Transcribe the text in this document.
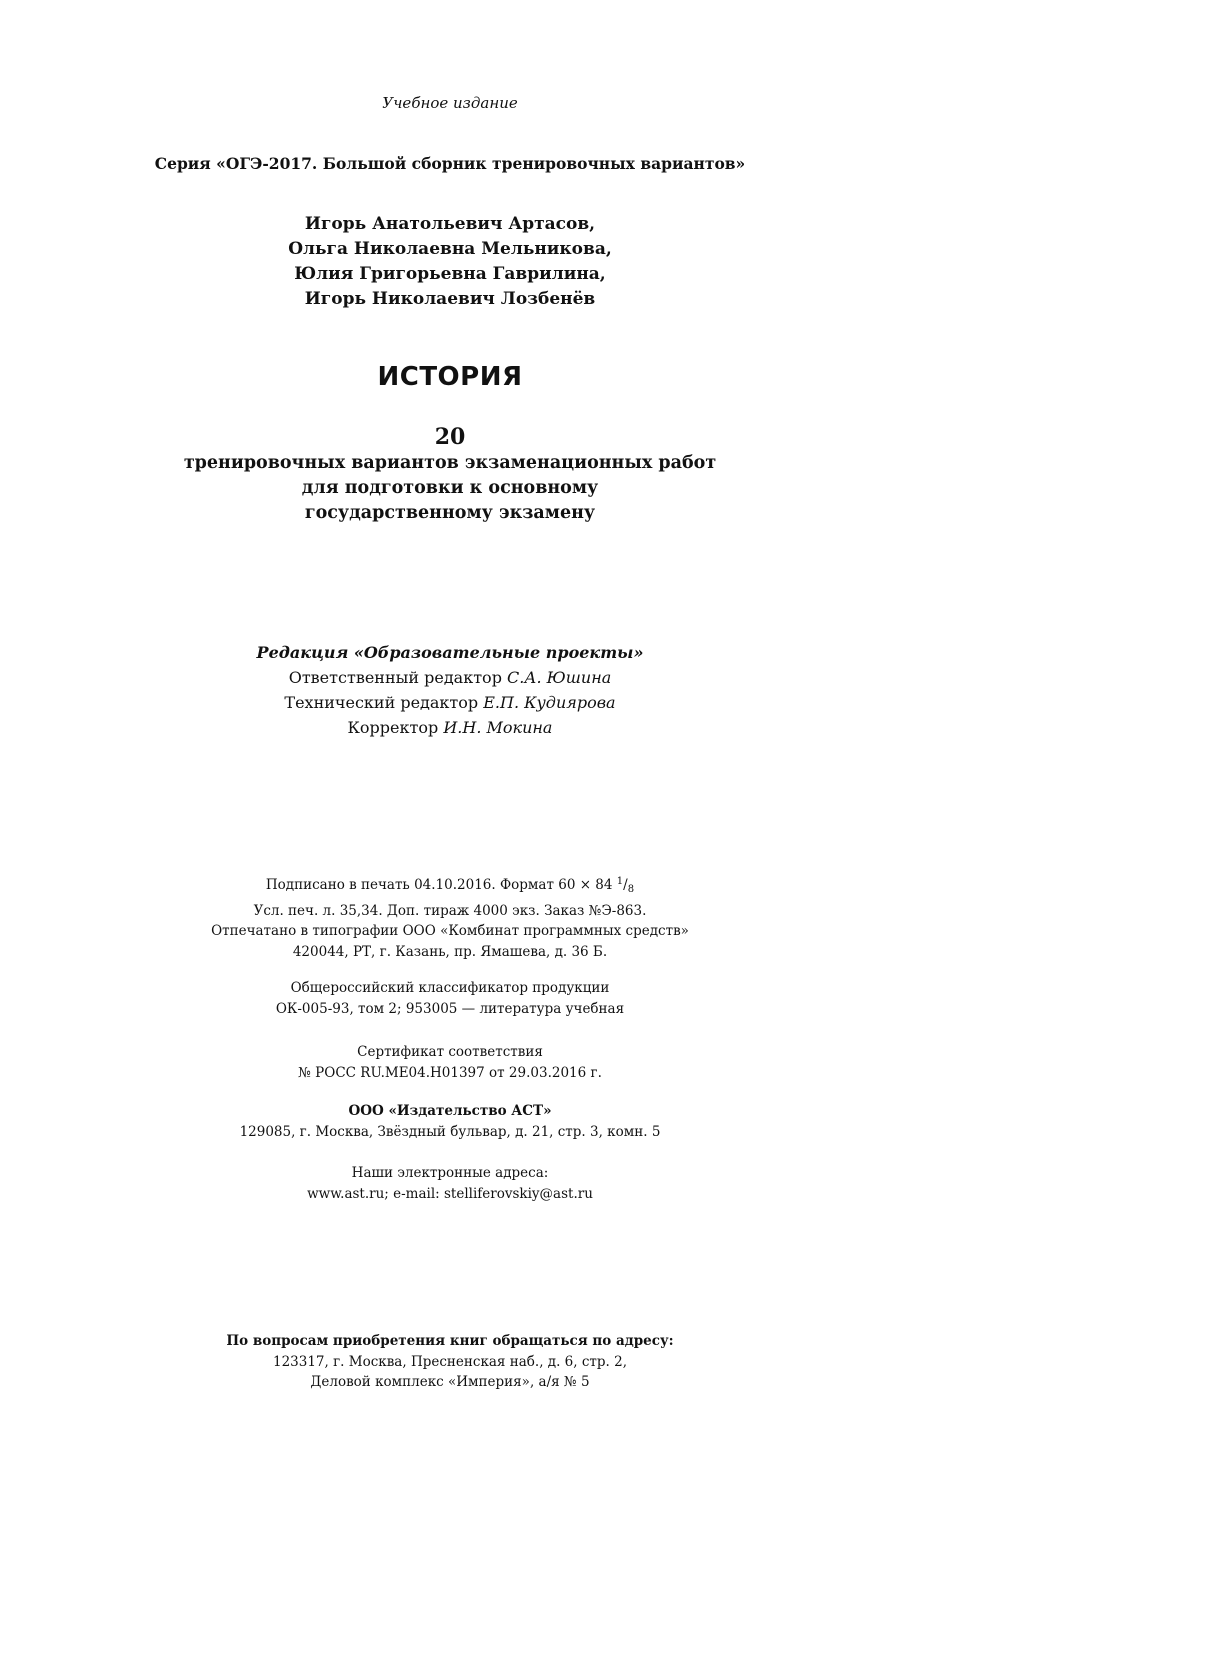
Учебное издание
Серия «ОГЭ-2017. Большой сборник тренировочных вариантов»
Игорь Анатольевич Артасов,
Ольга Николаевна Мельникова,
Юлия Григорьевна Гаврилина,
Игорь Николаевич Лозбенёв
ИСТОРИЯ
20
тренировочных вариантов экзаменационных работ
для подготовки к основному
государственному экзамену
Редакция «Образовательные проекты»
Ответственный редактор С.А. Юшина
Технический редактор Е.П. Кудиярова
Корректор И.Н. Мокина
Подписано в печать 04.10.2016. Формат 60 × 84 $^1/_8$
Усл. печ. л. 35,34. Доп. тираж 4000 экз. Заказ №Э-863.
Отпечатано в типографии ООО «Комбинат программных средств»
420044, РТ, г. Казань, пр. Ямашева, д. 36 Б.
Общероссийский классификатор продукции
ОК-005-93, том 2; 953005 — литература учебная
Сертификат соответствия
№ РОСС RU.МЕ04.Н01397 от 29.03.2016 г.
ООО «Издательство АСТ»
129085, г. Москва, Звёздный бульвар, д. 21, стр. 3, комн. 5
Наши электронные адреса:
www.ast.ru; e-mail: stelliferovskiy@ast.ru
По вопросам приобретения книг обращаться по адресу:
123317, г. Москва, Пресненская наб., д. 6, стр. 2,
Деловой комплекс «Империя», а/я № 5
